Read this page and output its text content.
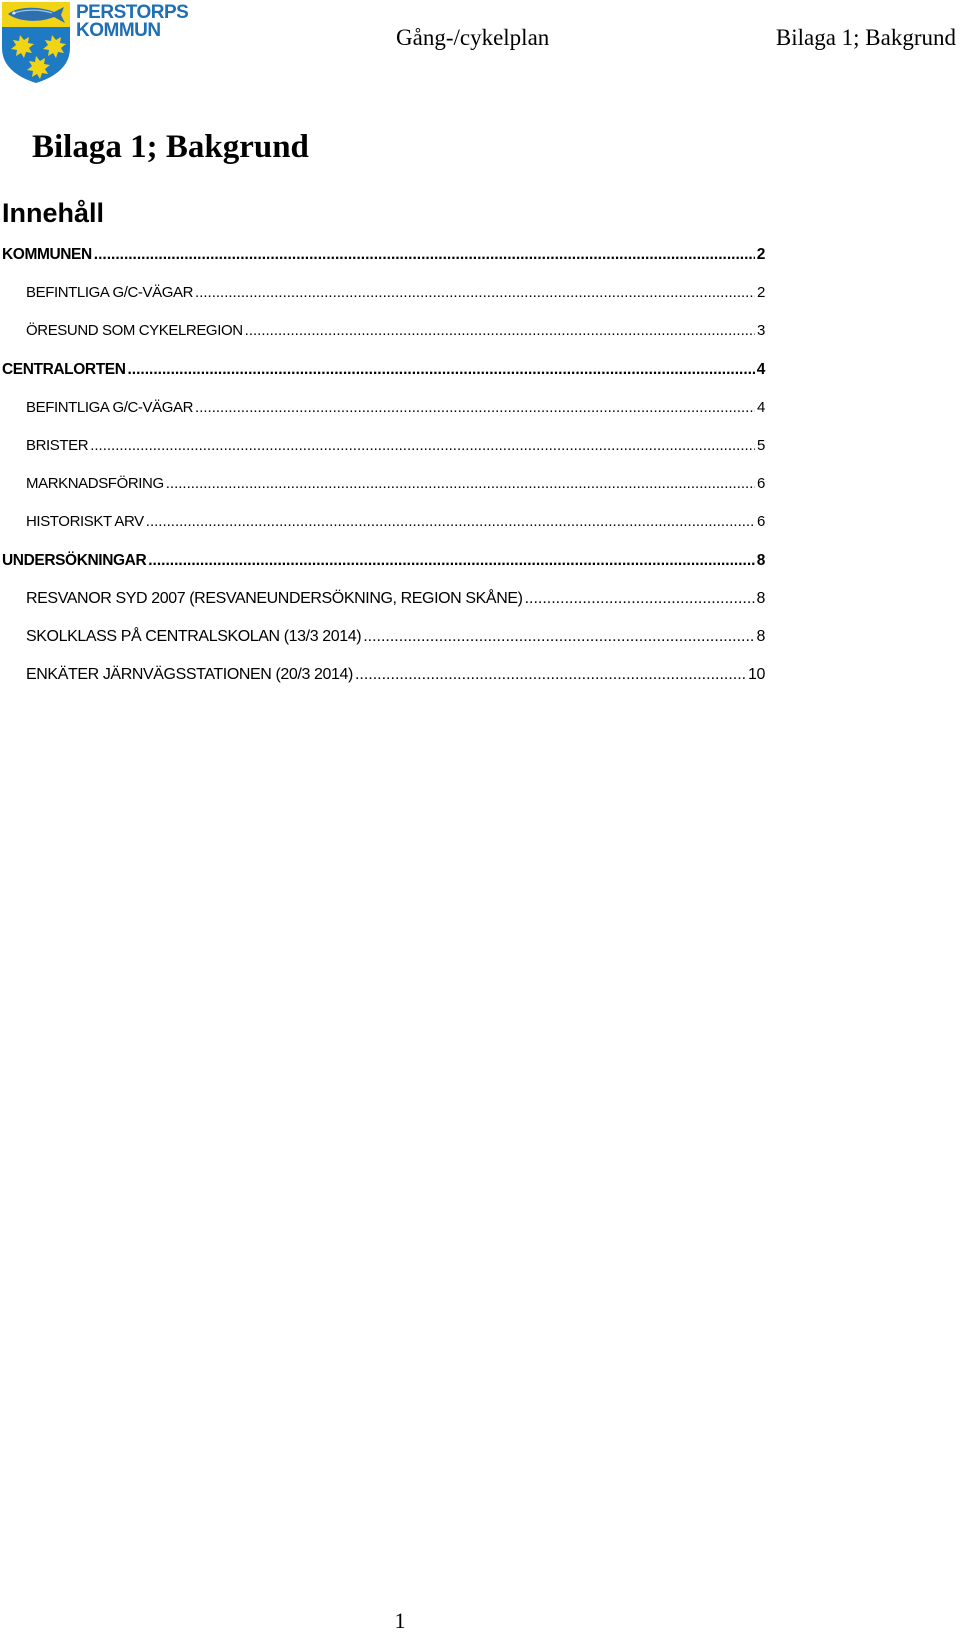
PERSTORPS
KOMMUN	Gång-/cykelplan	Bilaga 1; Bakgrund
Bilaga 1; Bakgrund
Innehåll
KOMMUNEN .....	2
BEFINTLIGA G/C-VÄGAR .....	2
ÖRESUND SOM CYKELREGION .....	3
CENTRALORTEN .....	4
BEFINTLIGA G/C-VÄGAR .....	4
BRISTER .....	5
MARKNADSFÖRING .....	6
HISTORISKT ARV .....	6
UNDERSÖKNINGAR .....	8
RESVANOR SYD 2007 (RESVANEUNDERSÖKNING, REGION SKÅNE) .....	8
SKOLKLASS PÅ CENTRALSKOLAN (13/3 2014) .....	8
ENKÄTER JÄRNVÄGSSTATIONEN (20/3 2014) .....	10
1
